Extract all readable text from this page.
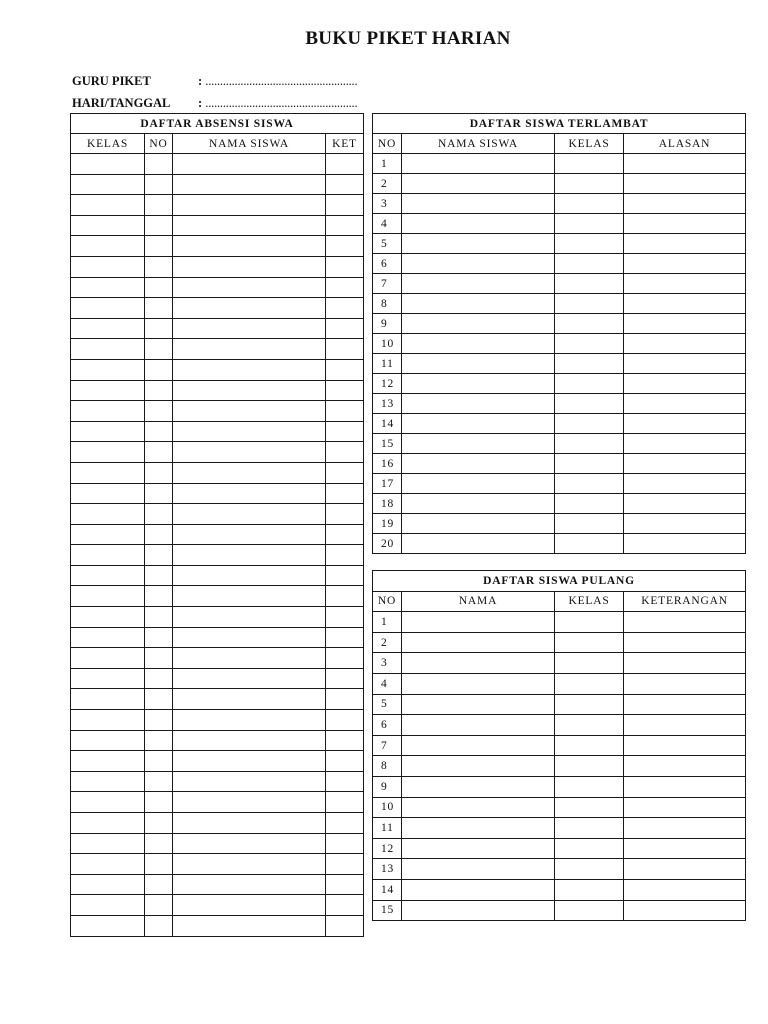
BUKU PIKET HARIAN
GURU PIKET	: ....................................................
HARI/TANGGAL : ....................................................
DAFTAR ABSENSI SISWA			
KELAS	NO	NAMA SISWA	KET

DAFTAR SISWA TERLAMBAT			
NO	NAMA SISWA	KELAS	ALASAN
1			
2			
3			
4			
5			
6			
7			
8			
9			
10			
11			
12			
13			
14			
15			
16			
17			
18			
19			
20			
DAFTAR SISWA PULANG			
NO	NAMA	KELAS	KETERANGAN
1			
2			
3			
4			
5			
6			
7			
8			
9			
10			
11			
12			
13			
14			
15			
